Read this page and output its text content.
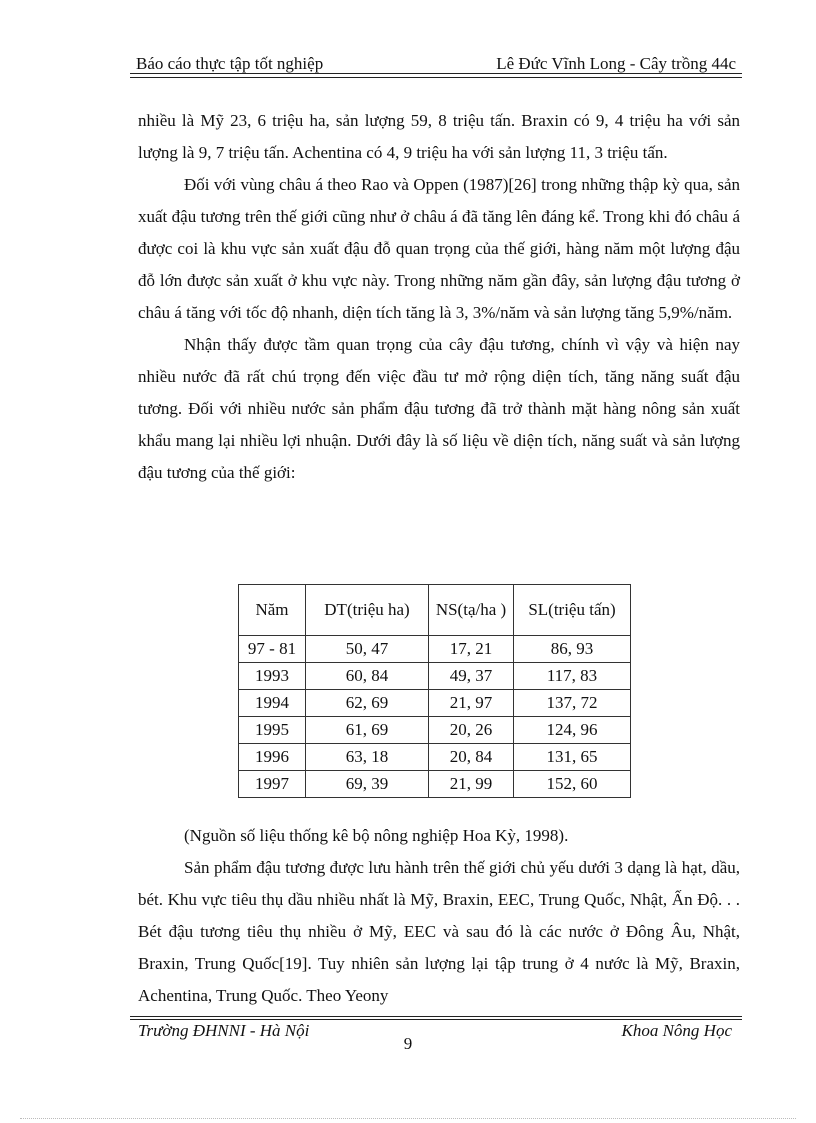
Báo cáo thực tập tốt nghiệp	Lê Đức Vĩnh Long - Cây trồng 44c

nhiều là Mỹ 23, 6 triệu ha, sản lượng 59, 8 triệu tấn. Braxin có 9, 4 triệu ha với sản lượng là 9, 7 triệu tấn. Achentina có 4, 9 triệu ha với sản lượng 11, 3 triệu tấn.

Đối với vùng châu á theo Rao và Oppen (1987)[26] trong những thập kỳ qua, sản xuất đậu tương trên thế giới cũng như ở châu á đã tăng lên đáng kể. Trong khi đó châu á được coi là khu vực sản xuất đậu đỗ quan trọng của thế giới, hàng năm một lượng đậu đỗ lớn được sản xuất ở khu vực này. Trong những năm gần đây, sản lượng đậu tương ở châu á tăng với tốc độ nhanh, diện tích tăng là 3, 3%/năm và sản lượng tăng 5,9%/năm.

Nhận thấy được tầm quan trọng của cây đậu tương, chính vì vậy và hiện nay nhiều nước đã rất chú trọng đến việc đầu tư mở rộng diện tích, tăng năng suất đậu tương. Đối với nhiều nước sản phẩm đậu tương đã trở thành mặt hàng nông sản xuất khẩu mang lại nhiều lợi nhuận. Dưới đây là số liệu về diện tích, năng suất và sản lượng đậu tương của thế giới:

Năm	DT(triệu ha)	NS(tạ/ha )	SL(triệu tấn)
97 - 81	50, 47	17, 21	86, 93
1993	60, 84	49, 37	117, 83
1994	62, 69	21, 97	137, 72
1995	61, 69	20, 26	124, 96
1996	63, 18	20, 84	131, 65
1997	69, 39	21, 99	152, 60

(Nguồn số liệu thống kê bộ nông nghiệp Hoa Kỳ, 1998).

Sản phẩm đậu tương được lưu hành trên thế giới chủ yếu dưới 3 dạng là hạt, dầu, bét. Khu vực tiêu thụ dầu nhiều nhất là Mỹ, Braxin, EEC, Trung Quốc, Nhật, Ấn Độ. . . Bét đậu tương tiêu thụ nhiều ở Mỹ, EEC và sau đó là các nước ở Đông Âu, Nhật, Braxin, Trung Quốc[19]. Tuy nhiên sản lượng lại tập trung ở 4 nước là Mỹ, Braxin, Achentina, Trung Quốc. Theo Yeony

Trường ĐHNNI - Hà Nội	Khoa Nông Học
9
